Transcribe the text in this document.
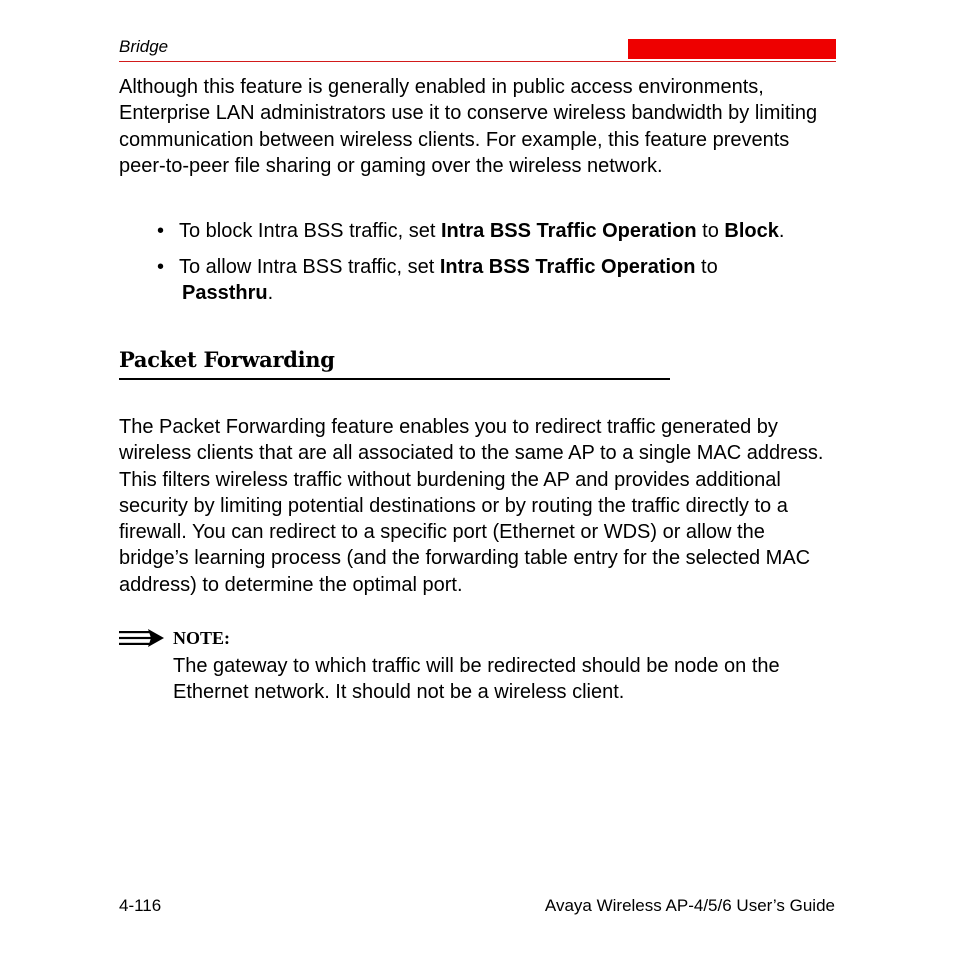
Bridge

Although this feature is generally enabled in public access environments, Enterprise LAN administrators use it to conserve wireless bandwidth by limiting communication between wireless clients. For example, this feature prevents peer-to-peer file sharing or gaming over the wireless network.

• To block Intra BSS traffic, set Intra BSS Traffic Operation to Block.
• To allow Intra BSS traffic, set Intra BSS Traffic Operation to
Passthru.
Packet Forwarding

The Packet Forwarding feature enables you to redirect traffic generated by wireless clients that are all associated to the same AP to a single MAC address. This filters wireless traffic without burdening the AP and provides additional security by limiting potential destinations or by routing the traffic directly to a firewall. You can redirect to a specific port (Ethernet or WDS) or allow the bridge’s learning process (and the forwarding table entry for the selected MAC address) to determine the optimal port.

NOTE:
The gateway to which traffic will be redirected should be node on the Ethernet network. It should not be a wireless client.
4-116	Avaya Wireless AP-4/5/6 User’s Guide
